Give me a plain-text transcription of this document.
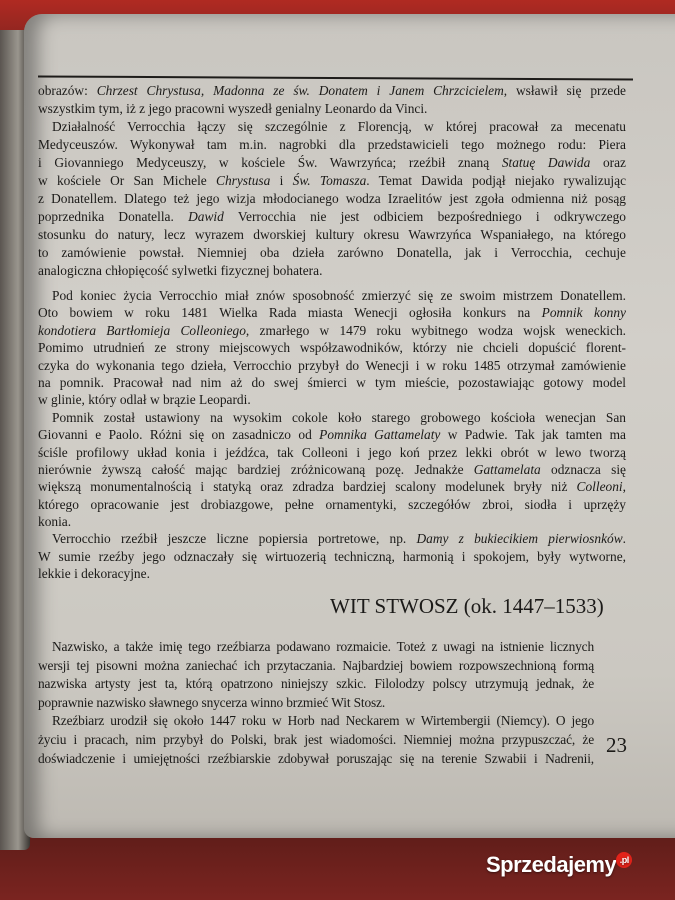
obrazów: Chrzest Chrystusa, Madonna ze św. Donatem i Janem Chrzcicielem, wsławił się przede
wszystkim tym, iż z jego pracowni wyszedł genialny Leonardo da Vinci.
Działalność Verrocchia łączy się szczególnie z Florencją, w której pracował za mecenatu
Medyceuszów. Wykonywał tam m.in. nagrobki dla przedstawicieli tego możnego rodu: Piera
i Giovanniego Medyceuszy, w kościele Św. Wawrzyńca; rzeźbił znaną Statuę Dawida oraz
w kościele Or San Michele Chrystusa i Św. Tomasza. Temat Dawida podjął niejako rywalizując
z Donatellem. Dlatego też jego wizja młodocianego wodza Izraelitów jest zgoła odmienna niż posąg
poprzednika Donatella. Dawid Verrocchia nie jest odbiciem bezpośredniego i odkrywczego
stosunku do natury, lecz wyrazem dworskiej kultury okresu Wawrzyńca Wspaniałego, na którego
to zamówienie powstał. Niemniej oba dzieła zarówno Donatella, jak i Verrocchia, cechuje
analogiczna chłopięcość sylwetki fizycznej bohatera.
Pod koniec życia Verrocchio miał znów sposobność zmierzyć się ze swoim mistrzem Donatellem.
Oto bowiem w roku 1481 Wielka Rada miasta Wenecji ogłosiła konkurs na Pomnik konny
kondotiera Bartłomieja Colleoniego, zmarłego w 1479 roku wybitnego wodza wojsk weneckich.
Pomimo utrudnień ze strony miejscowych współzawodników, którzy nie chcieli dopuścić florent-
czyka do wykonania tego dzieła, Verrocchio przybył do Wenecji i w roku 1485 otrzymał zamówienie
na pomnik. Pracował nad nim aż do swej śmierci w tym mieście, pozostawiając gotowy model
w glinie, który odlał w brązie Leopardi.
Pomnik został ustawiony na wysokim cokole koło starego grobowego kościoła wenecjan San
Giovanni e Paolo. Różni się on zasadniczo od Pomnika Gattamelaty w Padwie. Tak jak tamten ma
ściśle profilowy układ konia i jeźdźca, tak Colleoni i jego koń przez lekki obrót w lewo tworzą
nierównie żywszą całość mając bardziej zróżnicowaną pozę. Jednakże Gattamelata odznacza się
większą monumentalnością i statyką oraz zdradza bardziej scalony modelunek bryły niż Colleoni,
którego opracowanie jest drobiazgowe, pełne ornamentyki, szczegółów zbroi, siodła i uprzęży
konia.
Verrocchio rzeźbił jeszcze liczne popiersia portretowe, np. Damy z bukiecikiem pierwiosnków.
W sumie rzeźby jego odznaczały się wirtuozerią techniczną, harmonią i spokojem, były wytworne,
lekkie i dekoracyjne.
WIT STWOSZ (ok. 1447–1533)
Nazwisko, a także imię tego rzeźbiarza podawano rozmaicie. Toteż z uwagi na istnienie licznych
wersji tej pisowni można zaniechać ich przytaczania. Najbardziej bowiem rozpowszechnioną formą
nazwiska artysty jest ta, którą opatrzono niniejszy szkic. Filolodzy polscy utrzymują jednak, że
poprawnie nazwisko sławnego snycerza winno brzmieć Wit Stosz.
Rzeźbiarz urodził się około 1447 roku w Horb nad Neckarem w Wirtembergii (Niemcy). O jego
życiu i pracach, nim przybył do Polski, brak jest wiadomości. Niemniej można przypuszczać, że
doświadczenie i umiejętności rzeźbiarskie zdobywał poruszając się na terenie Szwabii i Nadrenii,
23
Sprzedajemy .pl
